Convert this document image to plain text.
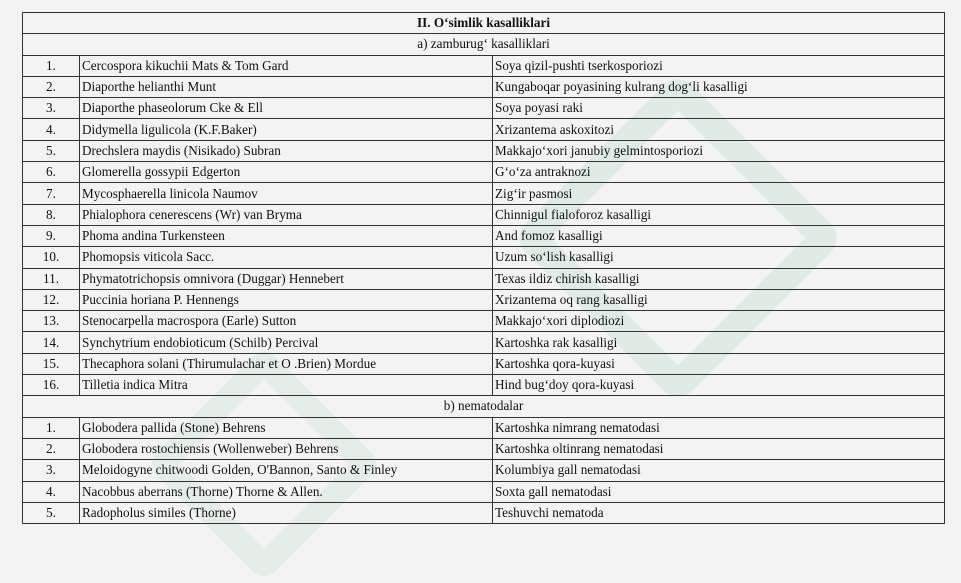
II. O‘simlik kasalliklari		
a) zamburug‘ kasalliklari		
1.	Cercospora kikuchii Mats & Tom Gard	Soya qizil-pushti tserkosporiozi
2.	Diaporthe helianthi Munt	Kungaboqar poyasining kulrang dog‘li kasalligi
3.	Diaporthe phaseolorum Cke & Ell	Soya poyasi raki
4.	Didymella ligulicola (K.F.Baker)	Xrizantema askoxitozi
5.	Drechslera maydis (Nisikado) Subran	Makkajo‘xori janubiy gelmintosporiozi
6.	Glomerella gossypii Edgerton	G‘o‘za antraknozi
7.	Mycosphaerella linicola Naumov	Zig‘ir pasmosi
8.	Phialophora cenerescens (Wr) van Bryma	Chinnigul fialoforoz kasalligi
9.	Phoma andina Turkensteen	And fomoz kasalligi
10.	Phomopsis viticola Sacc.	Uzum so‘lish kasalligi
11.	Phymatotrichopsis omnivora (Duggar) Hennebert	Texas ildiz chirish kasalligi
12.	Puccinia horiana P. Hennengs	Xrizantema oq rang kasalligi
13.	Stenocarpella macrospora (Earle) Sutton	Makkajo‘xori diplodiozi
14.	Synchytrium endobioticum (Schilb) Percival	Kartoshka rak kasalligi
15.	Thecaphora solani (Thirumulachar et O .Brien) Mordue	Kartoshka qora-kuyasi
16.	Tilletia indica Mitra	Hind bug‘doy qora-kuyasi
b) nematodalar		
1.	Globodera pallida (Stone) Behrens	Kartoshka nimrang nematodasi
2.	Globodera rostochiensis (Wollenweber) Behrens	Kartoshka oltinrang nematodasi
3.	Meloidogyne chitwoodi Golden, O'Bannon, Santo & Finley	Kolumbiya gall nematodasi
4.	Nacobbus aberrans (Thorne) Thorne & Allen.	Soxta gall nematodasi
5.	Radopholus similes (Thorne)	Teshuvchi nematoda
